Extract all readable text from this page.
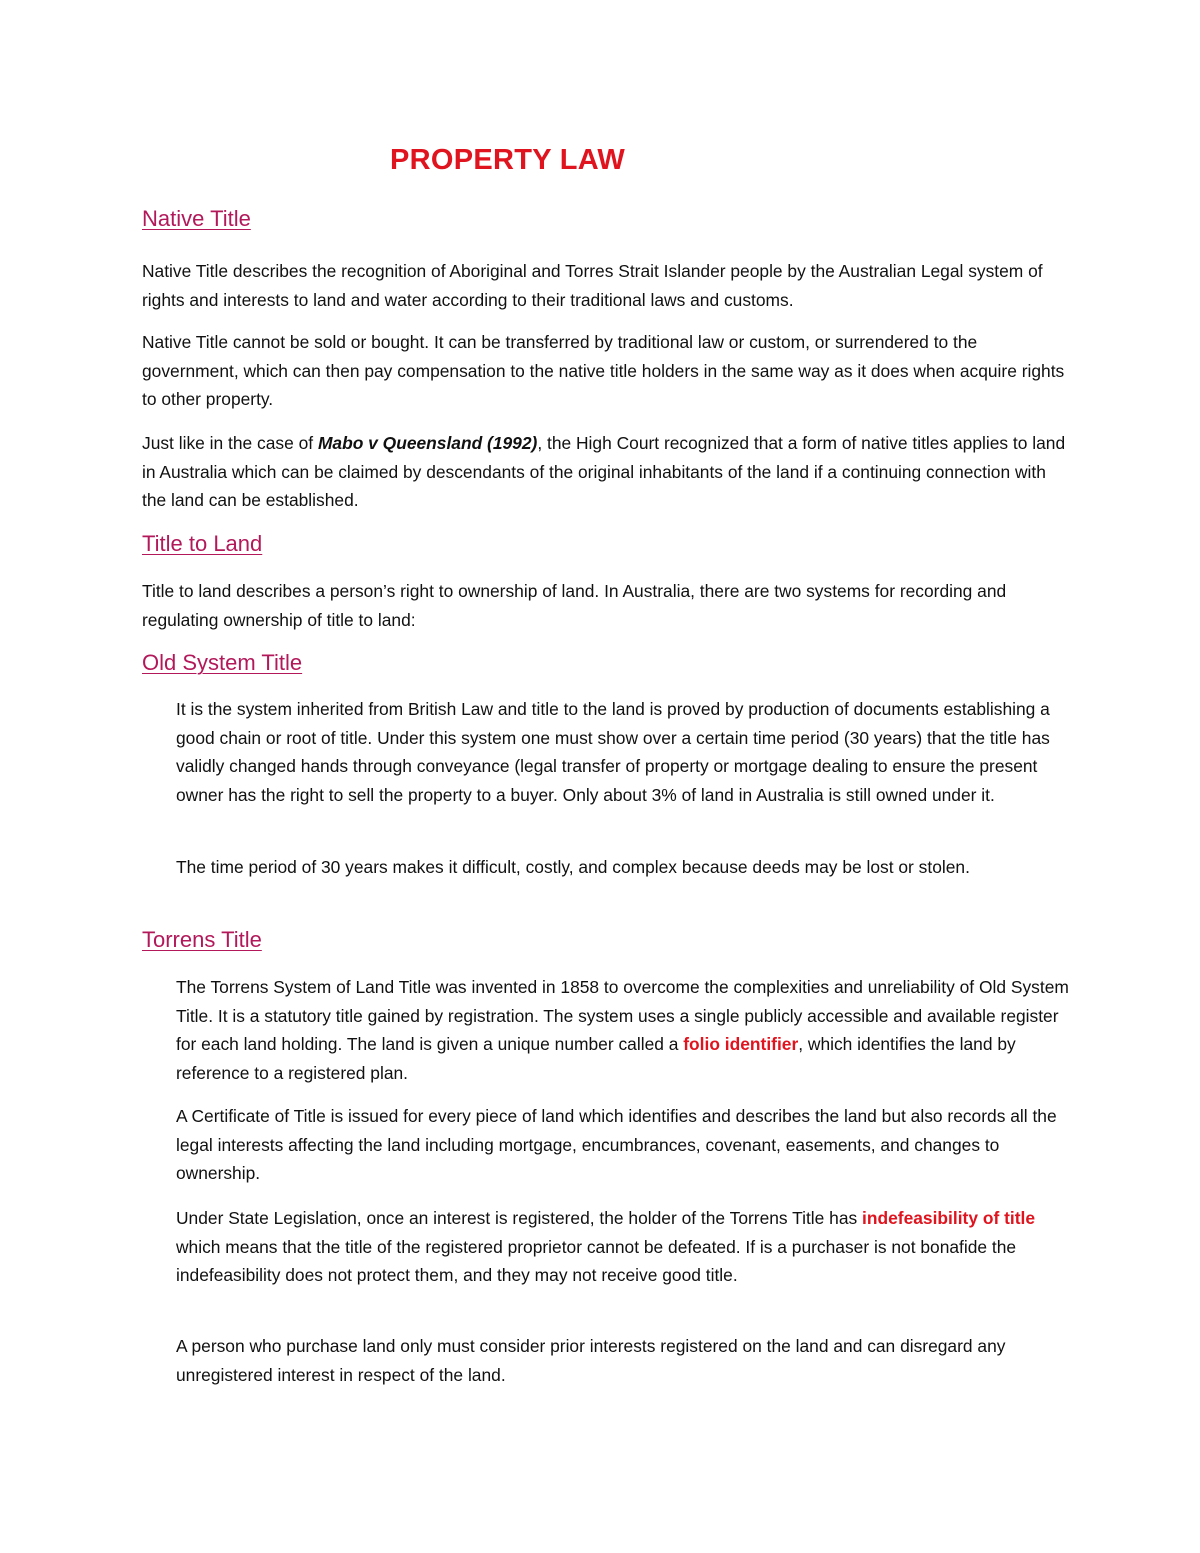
PROPERTY LAW
Native Title

Native Title describes the recognition of Aboriginal and Torres Strait Islander people by the Australian Legal system of rights and interests to land and water according to their traditional laws and customs.

Native Title cannot be sold or bought. It can be transferred by traditional law or custom, or surrendered to the government, which can then pay compensation to the native title holders in the same way as it does when acquire rights to other property.

Just like in the case of Mabo v Queensland (1992), the High Court recognized that a form of native titles applies to land in Australia which can be claimed by descendants of the original inhabitants of the land if a continuing connection with the land can be established.

Title to Land

Title to land describes a person’s right to ownership of land. In Australia, there are two systems for recording and regulating ownership of title to land:

Old System Title

It is the system inherited from British Law and title to the land is proved by production of documents establishing a good chain or root of title. Under this system one must show over a certain time period (30 years) that the title has validly changed hands through conveyance (legal transfer of property or mortgage dealing to ensure the present owner has the right to sell the property to a buyer. Only about 3% of land in Australia is still owned under it.

The time period of 30 years makes it difficult, costly, and complex because deeds may be lost or stolen.

Torrens Title

The Torrens System of Land Title was invented in 1858 to overcome the complexities and unreliability of Old System Title. It is a statutory title gained by registration. The system uses a single publicly accessible and available register for each land holding. The land is given a unique number called a folio identifier, which identifies the land by reference to a registered plan.

A Certificate of Title is issued for every piece of land which identifies and describes the land but also records all the legal interests affecting the land including mortgage, encumbrances, covenant, easements, and changes to ownership.

Under State Legislation, once an interest is registered, the holder of the Torrens Title has indefeasibility of title which means that the title of the registered proprietor cannot be defeated. If is a purchaser is not bonafide the indefeasibility does not protect them, and they may not receive good title.

A person who purchase land only must consider prior interests registered on the land and can disregard any unregistered interest in respect of the land.
